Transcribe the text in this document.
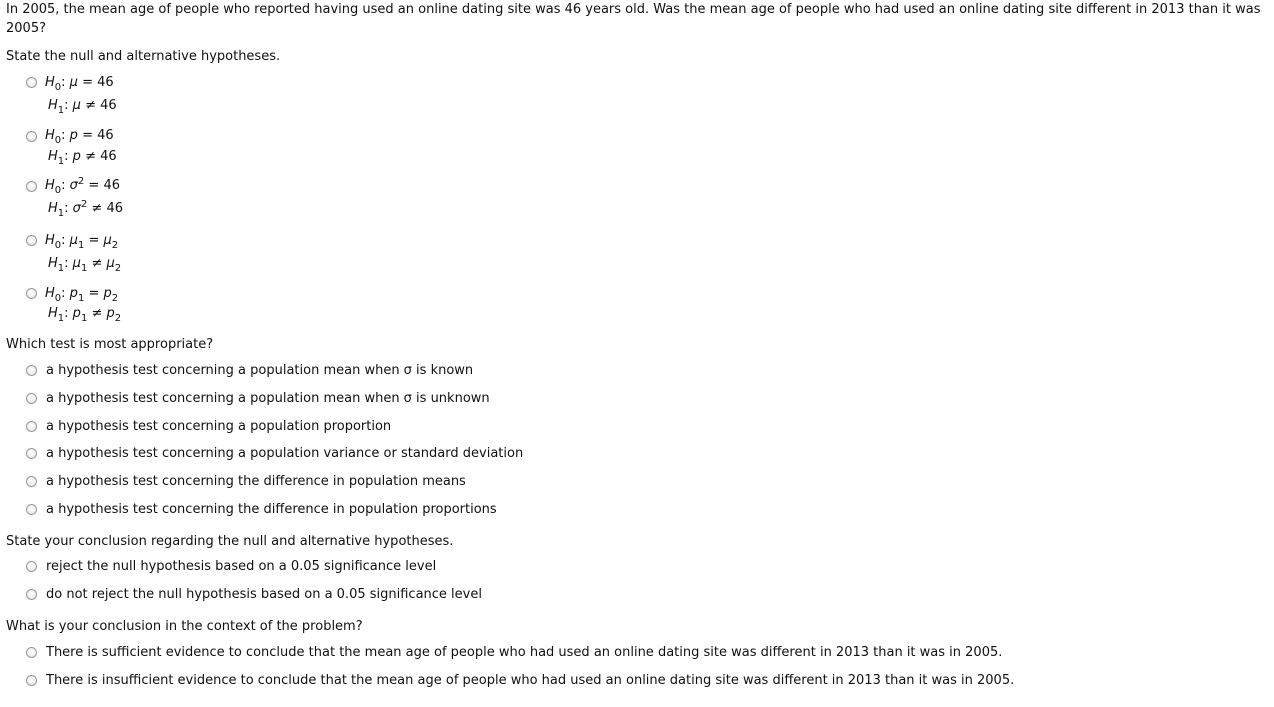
In 2005, the mean age of people who reported having used an online dating site was 46 years old. Was the mean age of people who had used an online dating site different in 2013 than it was 2005?
State the null and alternative hypotheses.
$H_0$: μ = 46
$H_1$: μ ≠ 46
$H_0$: p = 46
$H_1$: p ≠ 46
$H_0$: $\sigma^2 = 46$
$H_1$: $\sigma^2 \ne 46$
$H_0$: $\mu_1 = \mu_2$
$H_1$: $\mu_1 \ne \mu_2$
$H_0$: $p_1 = p_2$
$H_1$: $p_1 \ne p_2$
Which test is most appropriate?
a hypothesis test concerning a population mean when σ is known
a hypothesis test concerning a population mean when σ is unknown
a hypothesis test concerning a population proportion
a hypothesis test concerning a population variance or standard deviation
a hypothesis test concerning the difference in population means
a hypothesis test concerning the difference in population proportions
State your conclusion regarding the null and alternative hypotheses.
reject the null hypothesis based on a 0.05 significance level
do not reject the null hypothesis based on a 0.05 significance level
What is your conclusion in the context of the problem?
There is sufficient evidence to conclude that the mean age of people who had used an online dating site was different in 2013 than it was in 2005.
There is insufficient evidence to conclude that the mean age of people who had used an online dating site was different in 2013 than it was in 2005.
